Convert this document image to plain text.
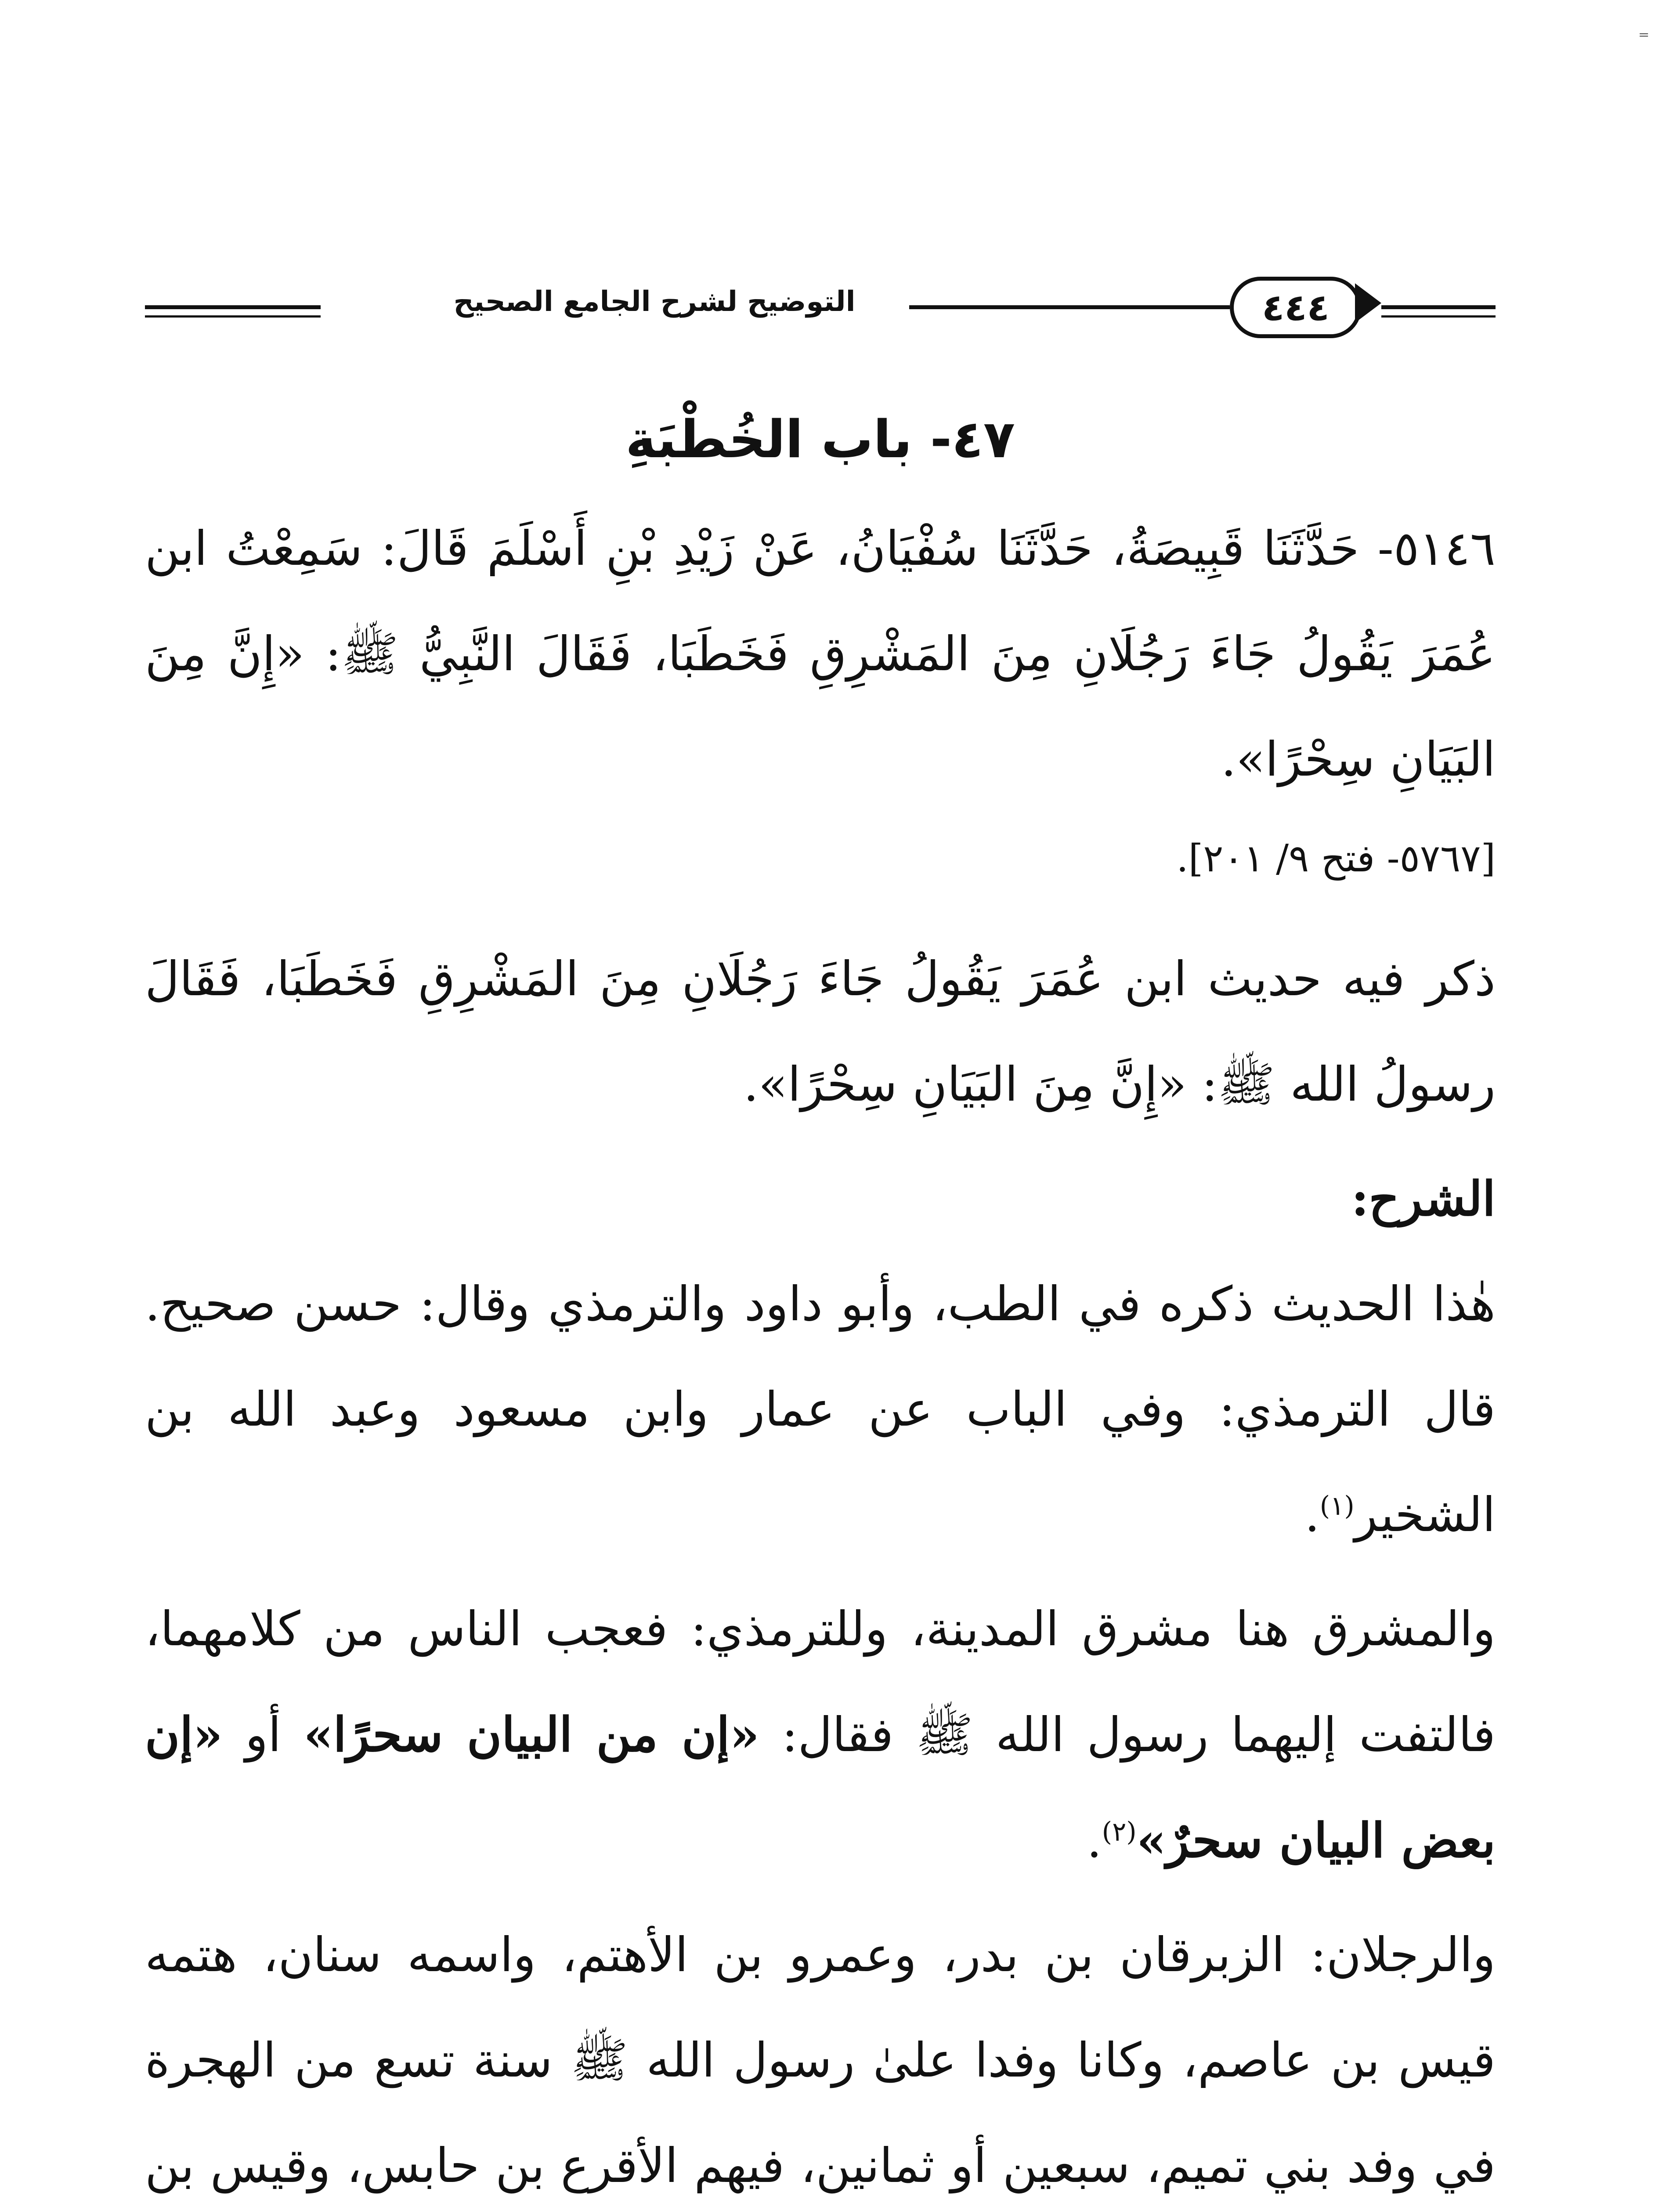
⁼
التوضيح لشرح الجامع الصحيح	٤٤٤
٤٧- باب الخُطْبَةِ

٥١٤٦- حَدَّثَنَا قَبِيصَةُ، حَدَّثَنَا سُفْيَانُ، عَنْ زَيْدِ بْنِ أَسْلَمَ قَالَ: سَمِعْتُ ابن عُمَرَ يَقُولُ جَاءَ رَجُلَانِ مِنَ المَشْرِقِ فَخَطَبَا، فَقَالَ النَّبِيُّ ﷺ: «إِنَّ مِنَ البَيَانِ سِحْرًا».

[٥٧٦٧- فتح ٩/ ٢٠١].

ذكر فيه حديث ابن عُمَرَ يَقُولُ جَاءَ رَجُلَانِ مِنَ المَشْرِقِ فَخَطَبَا، فَقَالَ رسولُ الله ﷺ: «إِنَّ مِنَ البَيَانِ سِحْرًا».

الشرح:

هٰذا الحديث ذكره في الطب، وأبو داود والترمذي وقال: حسن صحيح. قال الترمذي: وفي الباب عن عمار وابن مسعود وعبد الله بن الشخير$^{(١)}$.

والمشرق هنا مشرق المدينة، وللترمذي: فعجب الناس من كلامهما، فالتفت إليهما رسول الله ﷺ فقال: «إن من البيان سحرًا» أو «إن بعض البيان سحرٌ»$^{(٢)}$.

والرجلان: الزبرقان بن بدر، وعمرو بن الأهتم، واسمه سنان، هتمه قيس بن عاصم، وكانا وفدا علىٰ رسول الله ﷺ سنة تسع من الهجرة في وفد بني تميم، سبعين أو ثمانين، فيهم الأقرع بن حابس، وقيس بن
